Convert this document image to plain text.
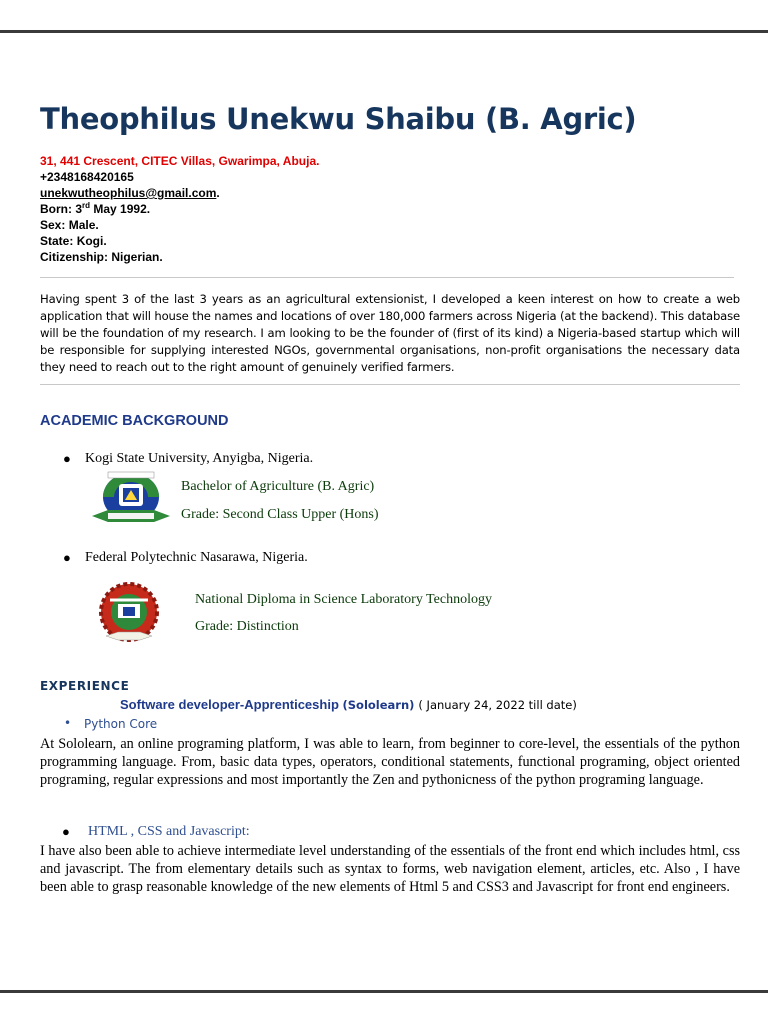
Theophilus Unekwu Shaibu (B. Agric)
31, 441 Crescent, CITEC Villas, Gwarimpa, Abuja.
+2348168420165
unekwutheophilus@gmail.com.
Born: 3rd May 1992.
Sex: Male.
State: Kogi.
Citizenship: Nigerian.
Having spent 3 of the last 3 years as an agricultural extensionist, I developed a keen interest on how to create a web application that will house the names and locations of over 180,000 farmers across Nigeria (at the backend). This database will be the foundation of my research. I am looking to be the founder of (first of its kind) a Nigeria-based startup which will be responsible for supplying interested NGOs, governmental organisations, non-profit organisations the necessary data they need to reach out to the right amount of genuinely verified farmers.
ACADEMIC BACKGROUND
● Kogi State University, Anyigba, Nigeria.
Bachelor of Agriculture (B. Agric)
Grade: Second Class Upper (Hons)
● Federal Polytechnic Nasarawa, Nigeria.
National Diploma in Science Laboratory Technology
Grade: Distinction
EXPERIENCE
Software developer-Apprenticeship (Sololearn) ( January 24, 2022 till date)
• Python Core
At Sololearn, an online programing platform, I was able to learn, from beginner to core-level, the essentials of the python programming language. From, basic data types, operators, conditional statements, functional programing, object oriented programing, regular expressions and most importantly the Zen and pythonicness of the python programing language.
● HTML , CSS and Javascript:
I have also been able to achieve intermediate level understanding of the essentials of the front end which includes html, css and javascript. The from elementary details such as syntax to forms, web navigation element, articles, etc. Also , I have been able to grasp reasonable knowledge of the new elements of Html 5 and CSS3 and Javascript for front end engineers.
